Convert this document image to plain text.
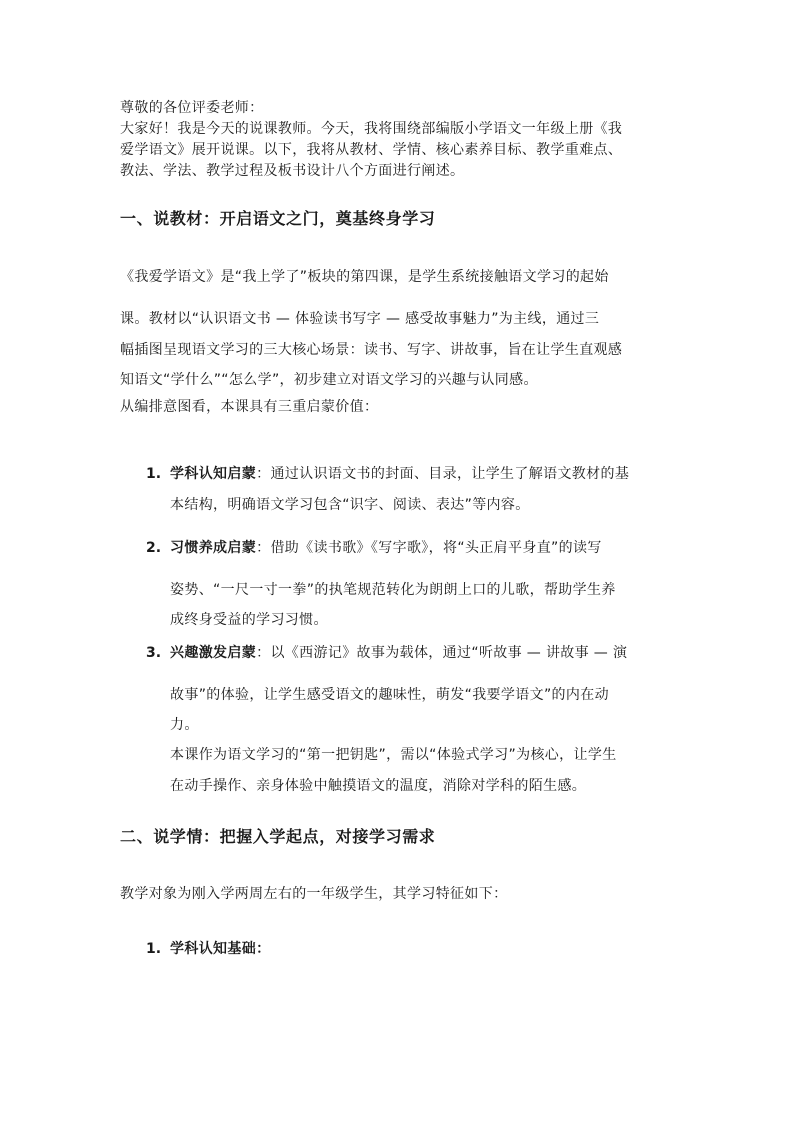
尊敬的各位评委老师：
大家好！我是今天的说课教师。今天，我将围绕部编版小学语文一年级上册《我
爱学语文》展开说课。以下，我将从教材、学情、核心素养目标、教学重难点、
教法、学法、教学过程及板书设计八个方面进行阐述。
一、说教材：开启语文之门，奠基终身学习
《我爱学语文》是“我上学了”板块的第四课，是学生系统接触语文学习的起始
课。教材以“认识语文书 — 体验读书写字 — 感受故事魅力”为主线，通过三
幅插图呈现语文学习的三大核心场景：读书、写字、讲故事，旨在让学生直观感
知语文“学什么”“怎么学”，初步建立对语文学习的兴趣与认同感。
从编排意图看，本课具有三重启蒙价值：
1. 学科认知启蒙：通过认识语文书的封面、目录，让学生了解语文教材的基
本结构，明确语文学习包含“识字、阅读、表达”等内容。
2. 习惯养成启蒙：借助《读书歌》《写字歌》，将“头正肩平身直”的读写
姿势、“一尺一寸一拳”的执笔规范转化为朗朗上口的儿歌，帮助学生养
成终身受益的学习习惯。
3. 兴趣激发启蒙：以《西游记》故事为载体，通过“听故事 — 讲故事 — 演
故事”的体验，让学生感受语文的趣味性，萌发“我要学语文”的内在动
力。
本课作为语文学习的“第一把钥匙”，需以“体验式学习”为核心，让学生
在动手操作、亲身体验中触摸语文的温度，消除对学科的陌生感。
二、说学情：把握入学起点，对接学习需求
教学对象为刚入学两周左右的一年级学生，其学习特征如下：
1. 学科认知基础：
